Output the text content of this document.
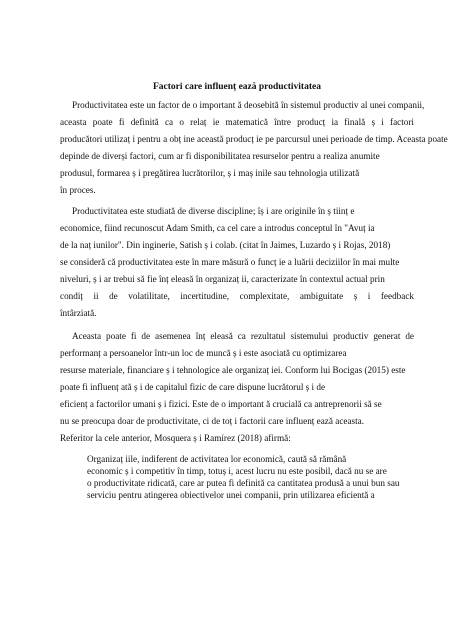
Factori care influenț ează productivitatea
Productivitatea este un factor de o important ă deosebită în sistemul productiv al unei companii,
aceasta poate fi definită ca o relaț ie matematică între producț ia finală ș i factori
producători utilizaț i pentru a obț ine această producț ie pe parcursul unei perioade de timp. Aceasta poate
depinde de diverși factori, cum ar fi disponibilitatea resurselor pentru a realiza anumite
produsul, formarea ș i pregătirea lucrătorilor, ș i maș inile sau tehnologia utilizată
în proces.
Productivitatea este studiată de diverse discipline; îș i are originile în ș tiinț e
economice, fiind recunoscut Adam Smith, ca cel care a introdus conceptul în "Avuț ia
de la naț iunilor". Din inginerie, Satish ș i colab. (citat în Jaimes, Luzardo ș i Rojas, 2018)
se consideră că productivitatea este în mare măsură o funcț ie a luării deciziilor în mai multe
niveluri, ș i ar trebui să fie înț eleasă în organizaț ii, caracterizate în contextul actual prin
condiț ii de volatilitate, incertitudine, complexitate, ambiguitate ș i feedback
întârziată.
Aceasta poate fi de asemenea înț eleasă ca rezultatul sistemului productiv generat de
performanț a persoanelor într-un loc de muncă ș i este asociată cu optimizarea
resurse materiale, financiare ș i tehnologice ale organizaț iei. Conform lui Bocigas (2015) este
poate fi influenț ată ș i de capitalul fizic de care dispune lucrătorul ș i de
eficienț a factorilor umani ș i fizici. Este de o important ă crucială ca antreprenorii să se
nu se preocupa doar de productivitate, ci de toț i factorii care influenț ează aceasta.
Referitor la cele anterior, Mosquera ș i Ramírez (2018) afirmă:
Organizaț iile, indiferent de activitatea lor economică, caută să rămână
economic ș i competitiv în timp, totuș i, acest lucru nu este posibil, dacă nu se are
o productivitate ridicată, care ar putea fi definită ca cantitatea produsă a unui bun sau
serviciu pentru atingerea obiectivelor unei companii, prin utilizarea eficientă a
